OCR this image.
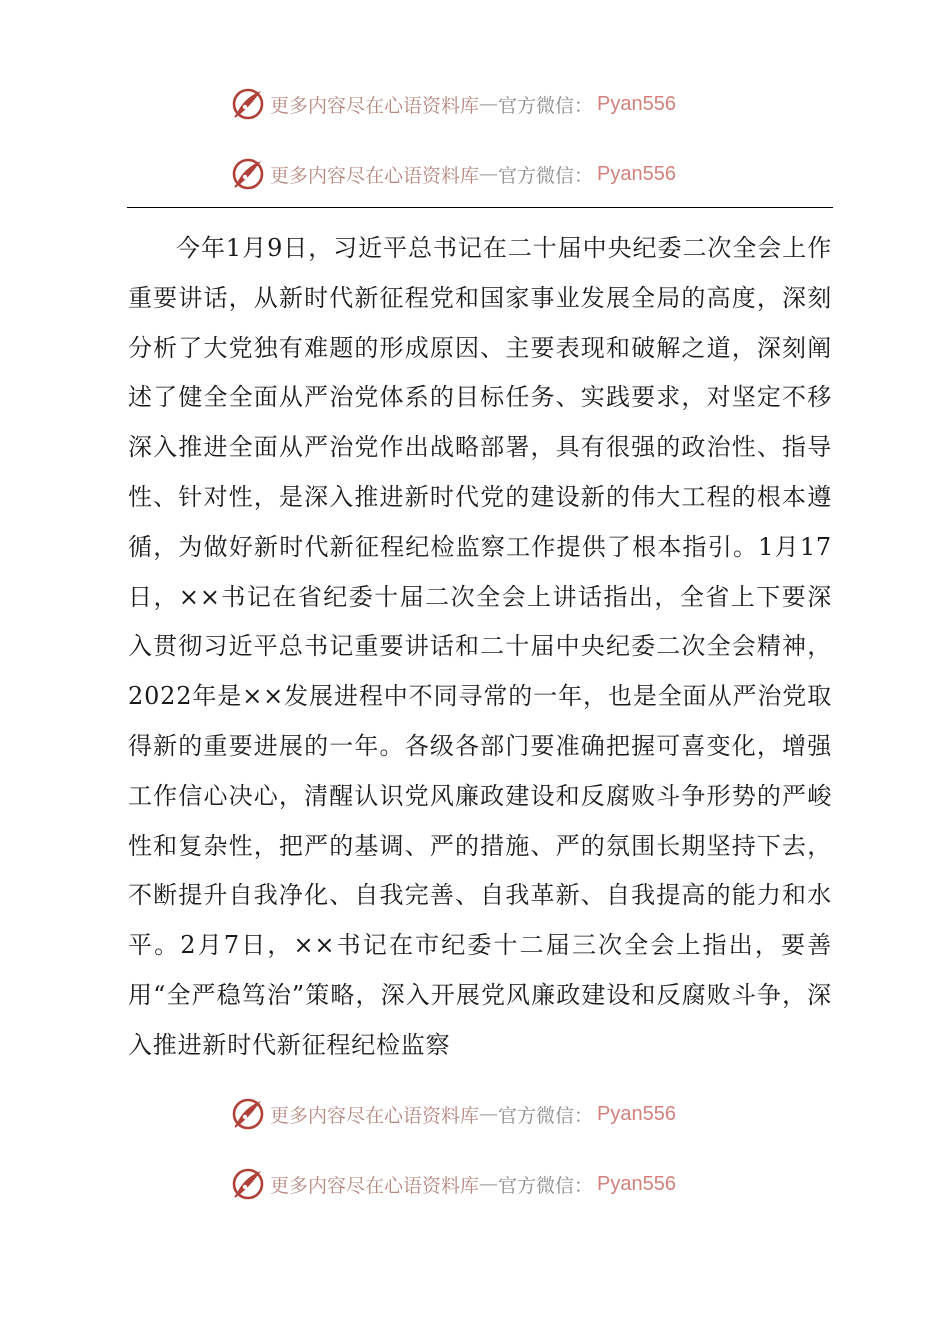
更多内容尽在心语资料库 — 官方微信： Pyan556
更多内容尽在心语资料库 — 官方微信： Pyan556

今年1月9日，习近平总书记在二十届中央纪委二次全会上作重要讲话，从新时代新征程党和国家事业发展全局的高度，深刻分析了大党独有难题的形成原因、主要表现和破解之道，深刻阐述了健全全面从严治党体系的目标任务、实践要求，对坚定不移深入推进全面从严治党作出战略部署，具有很强的政治性、指导性、针对性，是深入推进新时代党的建设新的伟大工程的根本遵循，为做好新时代新征程纪检监察工作提供了根本指引。1月17日，××书记在省纪委十届二次全会上讲话指出，全省上下要深入贯彻习近平总书记重要讲话和二十届中央纪委二次全会精神，2022年是××发展进程中不同寻常的一年，也是全面从严治党取得新的重要进展的一年。各级各部门要准确把握可喜变化，增强工作信心决心，清醒认识党风廉政建设和反腐败斗争形势的严峻性和复杂性，把严的基调、严的措施、严的氛围长期坚持下去，不断提升自我净化、自我完善、自我革新、自我提高的能力和水平。2月7日，××书记在市纪委十二届三次全会上指出，要善用“全严稳笃治”策略，深入开展党风廉政建设和反腐败斗争，深入推进新时代新征程纪检监察

更多内容尽在心语资料库 — 官方微信： Pyan556
更多内容尽在心语资料库 — 官方微信： Pyan556
